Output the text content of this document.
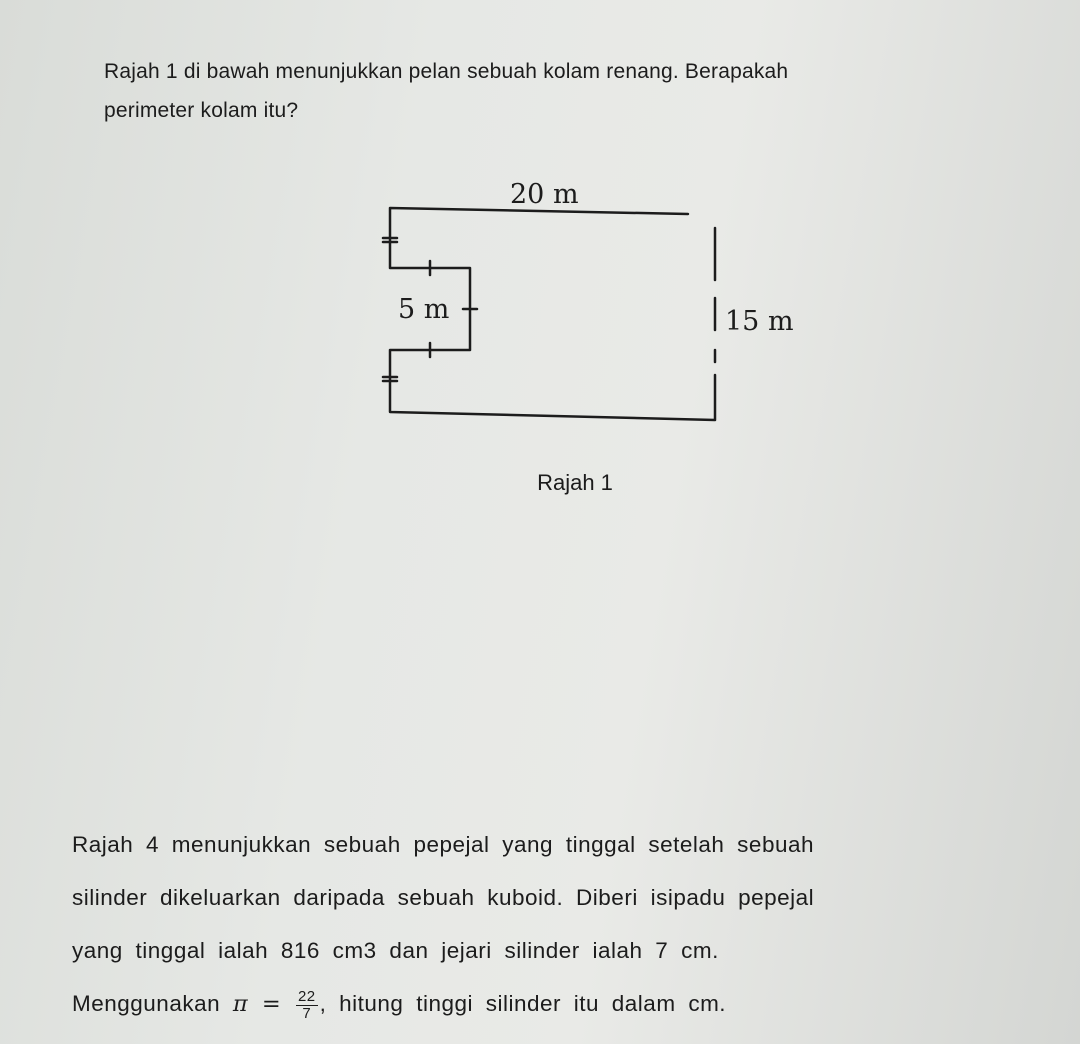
Rajah 1 di bawah menunjukkan pelan sebuah kolam renang. Berapakah

perimeter kolam itu?

20 m
5 m	15 m
Rajah 1

Rajah 4 menunjukkan sebuah pepejal yang tinggal setelah sebuah

silinder dikeluarkan daripada sebuah kuboid. Diberi isipadu pepejal

yang tinggal ialah 816 cm3 dan jejari silinder ialah 7 cm.

Menggunakan $\pi = \frac{22}{7}$ , hitung tinggi silinder itu dalam cm.
